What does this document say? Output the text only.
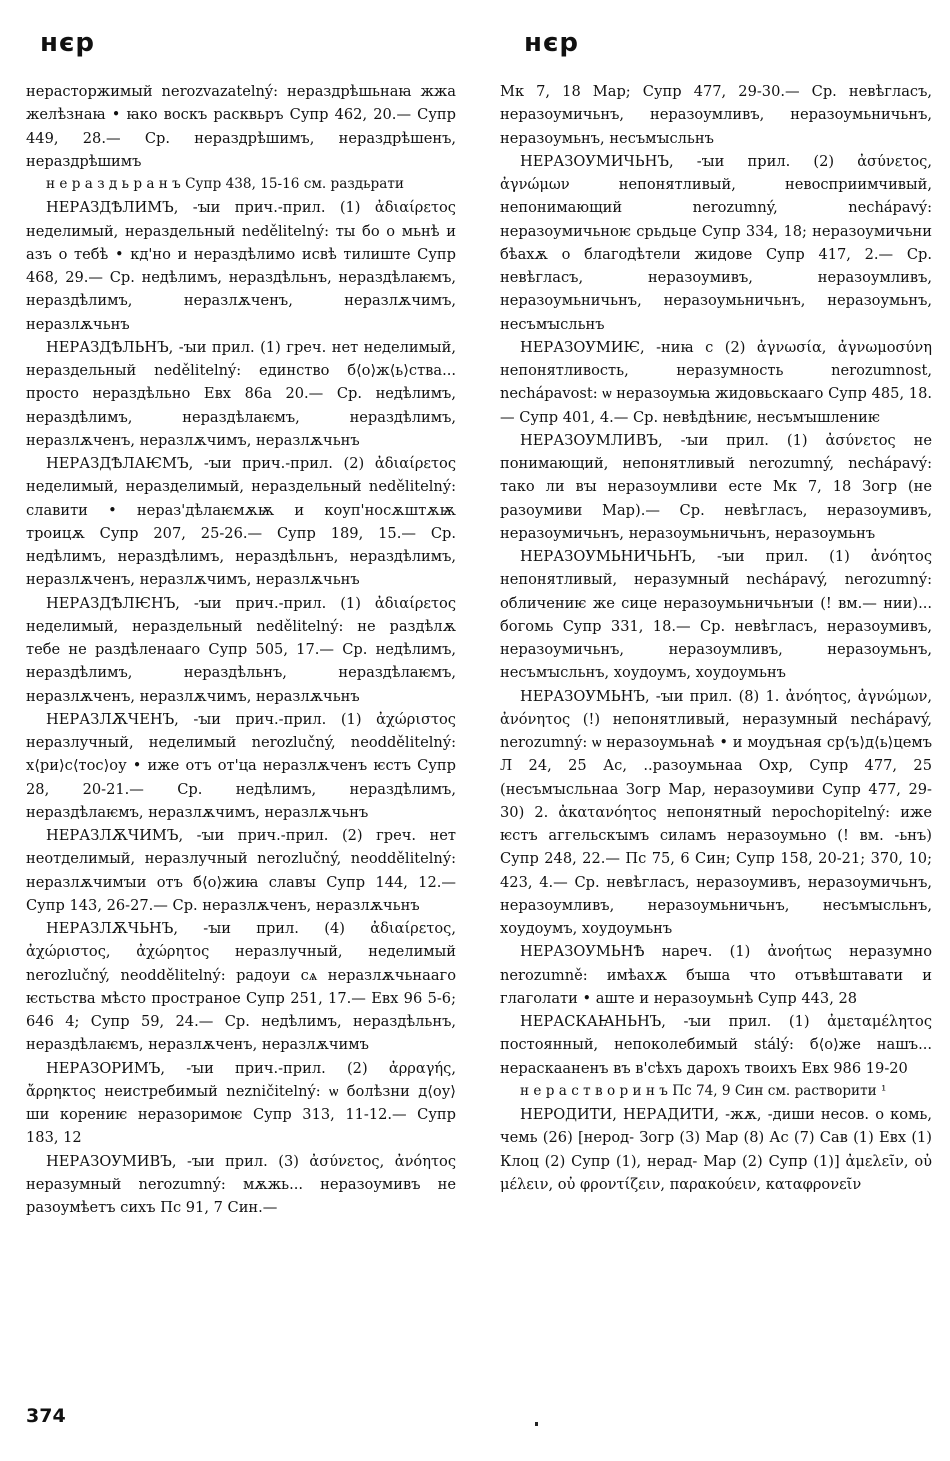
нєр	нєр

нерасторжимый nerozvazatelný: нераздрѣшьнаꙗ жжа желѣзнаꙗ • ꙗко воскъ расквьръ Супр 462, 20.— Супр 449, 28.— Ср. нераздрѣшимъ, нераздрѣшенъ, нераздрѣшимъ

н е р а з д ь р а н ъ Супр 438, 15-16 см. раздьрати

НЕРАЗДѢЛИМЪ, -ꙑи прич.-прил. (1) ἀδιαίρετος неделимый, нераздельный nedělitelný: ты бо о мьнѣ и азъ о тебѣ • кд'но и нераздѣлимо исвѣ тилиште Супр 468, 29.— Ср. недѣлимъ, нераздѣльнъ, нераздѣлаѥмъ, нераздѣлимъ, неразлѫченъ, неразлѫчимъ, неразлѫчьнъ

НЕРАЗДѢЛЬНЪ, -ꙑи прил. (1) греч. нет неделимый, нераздельный nedělitelný: единство б⟨о⟩ж⟨ь⟩ства... просто нераздѣльно Евх 86а 20.— Ср. недѣлимъ, нераздѣлимъ, нераздѣлаѥмъ, нераздѣлимъ, неразлѫченъ, неразлѫчимъ, неразлѫчьнъ

НЕРАЗДѢЛАѤМЪ, -ꙑи прич.-прил. (2) ἀδιαίρετος неделимый, неразделимый, нераздельный nedělitelný: славити • нераз'дѣлаѥмѫѭ и коуп'носѫштѫѭ троицѫ Супр 207, 25-26.— Супр 189, 15.— Ср. недѣлимъ, нераздѣлимъ, нераздѣльнъ, нераздѣлимъ, неразлѫченъ, неразлѫчимъ, неразлѫчьнъ

НЕРАЗДѢЛѤНЪ, -ꙑи прич.-прил. (1) ἀδιαίρετος неделимый, нераздельный nedělitelný: не раздѣлѫ тебе не раздѣленааго Супр 505, 17.— Ср. недѣлимъ, нераздѣлимъ, нераздѣльнъ, нераздѣлаѥмъ, неразлѫченъ, неразлѫчимъ, неразлѫчьнъ

НЕРАЗЛѪЧЕНЪ, -ꙑи прич.-прил. (1) ἀχώριστος неразлучный, неделимый nerozlučný, neoddělitelný: х⟨ри⟩с⟨тос⟩оу • иже отъ от'ца неразлѫченъ ѥстъ Супр 28, 20-21.— Ср. недѣлимъ, нераздѣлимъ, нераздѣлаѥмъ, неразлѫчимъ, неразлѫчьнъ

НЕРАЗЛѪЧИМЪ, -ꙑи прич.-прил. (2) греч. нет неотделимый, неразлучный nerozlučný, neoddělitelný: неразлѫчимꙑи отъ б⟨о⟩жиꙗ славꙑ Супр 144, 12.— Супр 143, 26-27.— Ср. неразлѫченъ, неразлѫчьнъ

НЕРАЗЛѪЧЬНЪ, -ꙑи прил. (4) ἀδιαίρετος, ἀχώριστος, ἀχώρητος неразлучный, неделимый nerozlučný, neoddělitelný: радоуи сѧ неразлѫчьнааго ѥстьства мѣсто пространое Супр 251, 17.— Евх 96 5-6; 646 4; Супр 59, 24.— Ср. недѣлимъ, нераздѣльнъ, нераздѣлаѥмъ, неразлѫченъ, неразлѫчимъ

НЕРАЗОРИМЪ, -ꙑи прич.-прил. (2) ἀρραγής, ἄρρηκτος неистребимый nezničitelný: ѡ болѣзни д⟨оу⟩ши корениѥ неразоримоѥ Супр 313, 11-12.— Супр 183, 12

НЕРАЗОУМИВЪ, -ꙑи прил. (3) ἀσύνετος, ἀνόητος неразумный nerozumný: мѫжь... неразоумивъ не разоумѣетъ сихъ Пс 91, 7 Син.—

Мк 7, 18 Мар; Супр 477, 29-30.— Ср. невѣгласъ, неразоумичьнъ, неразоумливъ, неразоумьничьнъ, неразоумьнъ, несъмꙑсльнъ

НЕРАЗОУМИЧЬНЪ, -ꙑи прил. (2) ἀσύνετος, ἀγνώμων непонятливый, невосприимчивый, непонимающий nerozumný, nechápavý: неразоумичьноѥ срьдьце Супр 334, 18; неразоумичьни бѣахѫ о благодѣтели жидове Супр 417, 2.— Ср. невѣгласъ, неразоумивъ, неразоумливъ, неразоумьничьнъ, неразоумьничьнъ, неразоумьнъ, несъмꙑсльнъ

НЕРАЗОУМИѤ, -ниꙗ с (2) ἀγνωσία, ἀγνωμοσύνη непонятливость, неразумность nerozumnost, nechápavost: ѡ неразоумьꙗ жидовьскааго Супр 485, 18.— Супр 401, 4.— Ср. невѣдѣниѥ, несъмꙑшлениѥ

НЕРАЗОУМЛИВЪ, -ꙑи прил. (1) ἀσύνετος не понимающий, непонятливый nerozumný, nechápavý: тако ли вꙑ неразоумливи есте Мк 7, 18 Зогр (не разоумиви Мар).— Ср. невѣгласъ, неразоумивъ, неразоумичьнъ, неразоумьничьнъ, неразоумьнъ

НЕРАЗОУМЬНИЧЬНЪ, -ꙑи прил. (1) ἀνόητος непонятливый, неразумный nechápavý, nerozumný: обличениѥ же сице неразоумьничьнꙑи (! вм.— нии)... богомь Супр 331, 18.— Ср. невѣгласъ, неразоумивъ, неразоумичьнъ, неразоумливъ, неразоумьнъ, несъмꙑсльнъ, хоудоумъ, хоудоумьнъ

НЕРАЗОУМЬНЪ, -ꙑи прил. (8) 1. ἀνόητος, ἀγνώμων, ἀνόνητος (!) непонятливый, неразумный nechápavý, nerozumný: ѡ неразоумьнаѣ • и моудъная ср⟨ъ⟩д⟨ь⟩цемъ Л 24, 25 Ас, ..разоумьнаа Охр, Супр 477, 25 (несъмꙑсльнаа Зогр Мар, неразоумиви Супр 477, 29-30) 2. ἀκατανόητος непонятный nepochopitelný: иже ѥстъ аггельскꙑмъ силамъ неразоумьно (! вм. -ьнъ) Супр 248, 22.— Пс 75, 6 Син; Супр 158, 20-21; 370, 10; 423, 4.— Ср. невѣгласъ, неразоумивъ, неразоумичьнъ, неразоумливъ, неразоумьничьнъ, несъмꙑсльнъ, хоудоумъ, хоудоумьнъ

НЕРАЗОУМЬНѢ нареч. (1) ἀνοήτως неразумно nerozumně: имѣахѫ бꙑша что отъвѣштавати и глаголати • аште и неразоумьнѣ Супр 443, 28

НЕРАСКАꙖНЬНЪ, -ꙑи прил. (1) ἀμεταμέλητος постоянный, непоколебимый stálý: б⟨о⟩же нашъ... нераскааненъ въ в'сѣхъ дарохъ твоихъ Евх 986 19-20

н е р а с т в о р и н ъ Пс 74, 9 Син см. растворити ¹

НЕРОДИТИ, НЕРАДИТИ, -жѫ, -диши несов. о комь, чемь (26) [нерод- Зогр (3) Мар (8) Ас (7) Сав (1) Евх (1) Клоц (2) Супр (1), нерад- Мар (2) Супр (1)] ἀμελεῖν, οὐ μέλειν, οὐ φροντίζειν, παρακούειν, καταφρονεῖν

374
